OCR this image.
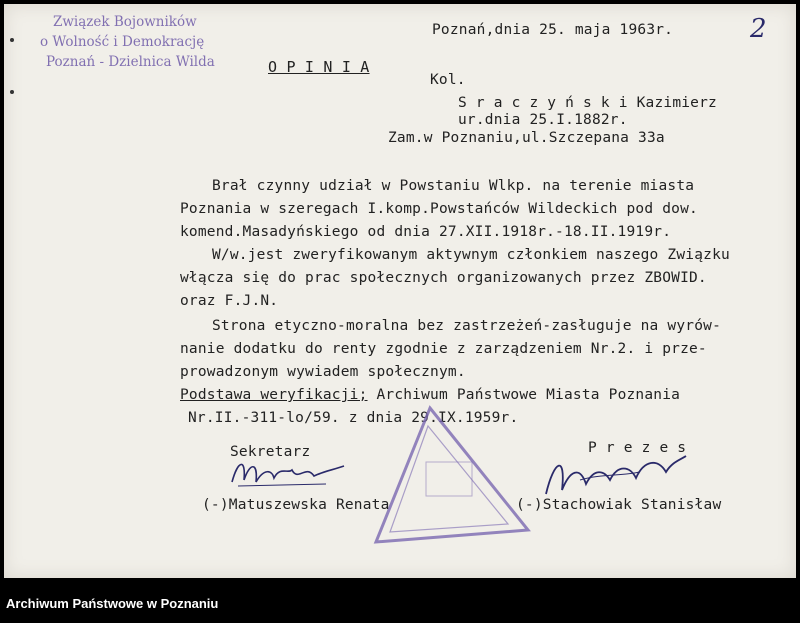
Związek Bojowników
o Wolność i Demokrację
Poznań - Dzielnica Wilda
Poznań,dnia 25. maja 1963r.	2
O P I N I A
Kol.
S r a c z y ń s k i Kazimierz
ur.dnia 25.I.1882r.
Zam.w Poznaniu,ul.Szczepana 33a
Brał czynny udział w Powstaniu Wlkp. na terenie miasta
Poznania w szeregach I.komp.Powstańców Wildeckich pod dow.
komend.Masadyńskiego od dnia 27.XII.1918r.-18.II.1919r.
W/w.jest zweryfikowanym aktywnym członkiem naszego Związku
włącza się do prac społecznych organizowanych przez ZBOWID.
oraz F.J.N.
Strona etyczno-moralna bez zastrzeżeń-zasługuje na wyrów-
nanie dodatku do renty zgodnie z zarządzeniem Nr.2. i prze-
prowadzonym wywiadem społecznym.
Podstawa weryfikacji; Archiwum Państwowe Miasta Poznania
Nr.II.-311-lo/59. z dnia 29.IX.1959r.
Sekretarz
(-)Matuszewska Renata
P r e z e s
(-)Stachowiak Stanisław
Archiwum Państwowe w Poznaniu
